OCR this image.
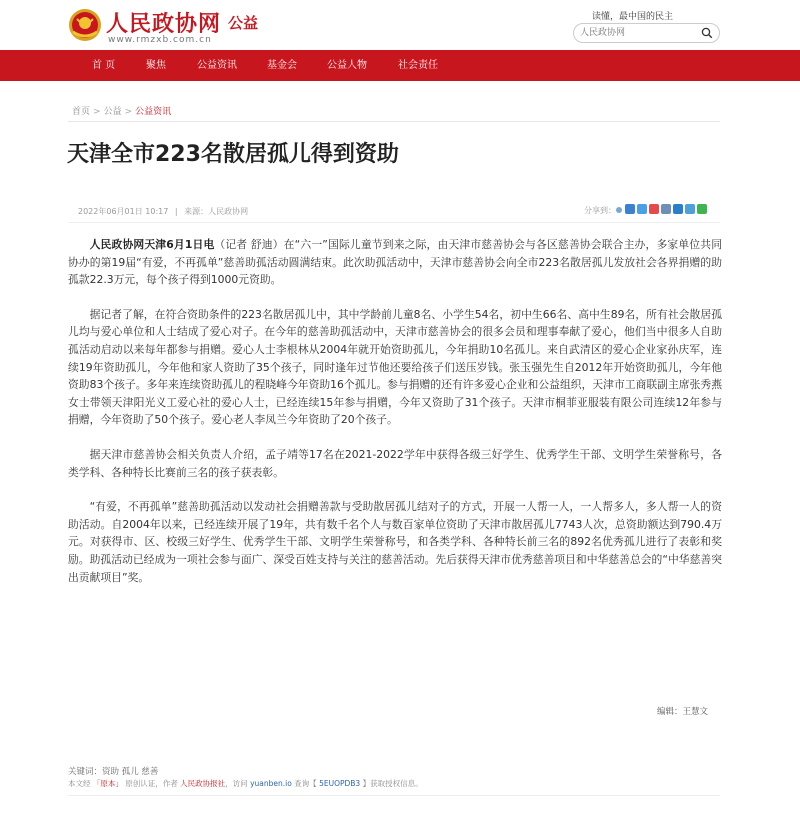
人民政协网
www.rmzxb.com.cn
公益	读懂，最中国的民主
人民政协网
首 页	聚焦	公益资讯	基金会	公益人物	社会责任
首页 > 公益 > 公益资讯
天津全市223名散居孤儿得到资助
2022年06月01日 10:17 | 来源：人民政协网	分享到：

人民政协网天津6月1日电（记者 舒迪）在“六一”国际儿童节到来之际，由天津市慈善协会与各区慈善协会联合主办，多家单位共同协办的第19届“有爱，不再孤单”慈善助孤活动圆满结束。此次助孤活动中，天津市慈善协会向全市223名散居孤儿发放社会各界捐赠的助孤款22.3万元，每个孩子得到1000元资助。

据记者了解，在符合资助条件的223名散居孤儿中，其中学龄前儿童8名、小学生54名，初中生66名、高中生89名，所有社会散居孤儿均与爱心单位和人士结成了爱心对子。在今年的慈善助孤活动中，天津市慈善协会的很多会员和理事奉献了爱心，他们当中很多人自助孤活动启动以来每年都参与捐赠。爱心人士李根林从2004年就开始资助孤儿，今年捐助10名孤儿。来自武清区的爱心企业家孙庆军，连续19年资助孤儿，今年他和家人资助了35个孩子，同时逢年过节他还要给孩子们送压岁钱。张玉强先生自2012年开始资助孤儿，今年他资助83个孩子。多年来连续资助孤儿的程晓峰今年资助16个孤儿。参与捐赠的还有许多爱心企业和公益组织，天津市工商联副主席张秀燕女士带领天津阳光义工爱心社的爱心人士，已经连续15年参与捐赠，今年又资助了31个孩子。天津市桐菲亚服装有限公司连续12年参与捐赠，今年资助了50个孩子。爱心老人李凤兰今年资助了20个孩子。

据天津市慈善协会相关负责人介绍，孟子靖等17名在2021-2022学年中获得各级三好学生、优秀学生干部、文明学生荣誉称号，各类学科、各种特长比赛前三名的孩子获表彰。

“有爱，不再孤单”慈善助孤活动以发动社会捐赠善款与受助散居孤儿结对子的方式，开展一人帮一人，一人帮多人，多人帮一人的资助活动。自2004年以来，已经连续开展了19年，共有数千名个人与数百家单位资助了天津市散居孤儿7743人次，总资助额达到790.4万元。对获得市、区、校级三好学生、优秀学生干部、文明学生荣誉称号，和各类学科、各种特长前三名的892名优秀孤儿进行了表彰和奖励。助孤活动已经成为一项社会参与面广、深受百姓支持与关注的慈善活动。先后获得天津市优秀慈善项目和中华慈善总会的“中华慈善突出贡献项目”奖。

编辑：王慧文
关键词：资助 孤儿 慈善
本文经 「原本」 原创认证，作者 人民政协报社，访问 yuanben.io 查询【 5EUOPDB3 】获取授权信息。
